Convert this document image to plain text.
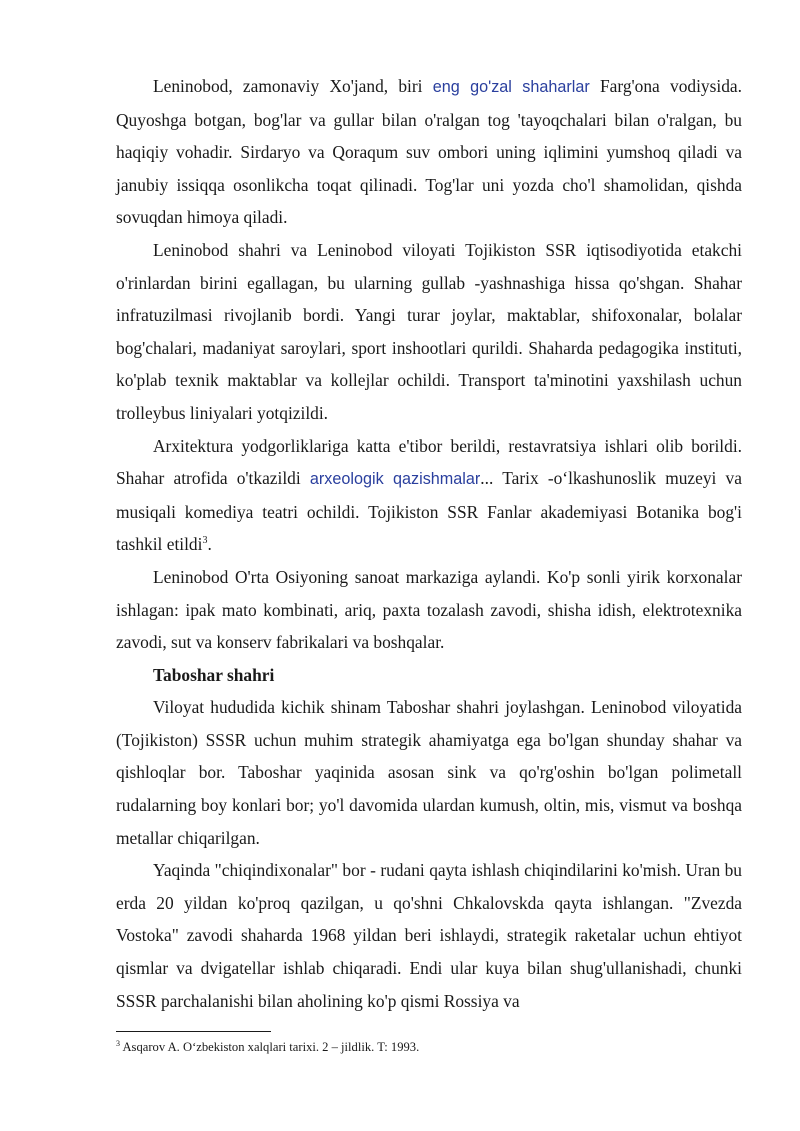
Leninobod, zamonaviy Xo'jand, biri eng go'zal shaharlar Farg'ona vodiysida. Quyoshga botgan, bog'lar va gullar bilan o'ralgan tog 'tayoqchalari bilan o'ralgan, bu haqiqiy vohadir. Sirdaryo va Qoraqum suv ombori uning iqlimini yumshoq qiladi va janubiy issiqqa osonlikcha toqat qilinadi. Tog'lar uni yozda cho'l shamolidan, qishda sovuqdan himoya qiladi.

Leninobod shahri va Leninobod viloyati Tojikiston SSR iqtisodiyotida etakchi o'rinlardan birini egallagan, bu ularning gullab -yashnashiga hissa qo'shgan. Shahar infratuzilmasi rivojlanib bordi. Yangi turar joylar, maktablar, shifoxonalar, bolalar bog'chalari, madaniyat saroylari, sport inshootlari qurildi. Shaharda pedagogika instituti, ko'plab texnik maktablar va kollejlar ochildi. Transport ta'minotini yaxshilash uchun trolleybus liniyalari yotqizildi.

Arxitektura yodgorliklariga katta e'tibor berildi, restavratsiya ishlari olib borildi. Shahar atrofida o'tkazildi arxeologik qazishmalar... Tarix -o‘lkashunoslik muzeyi va musiqali komediya teatri ochildi. Tojikiston SSR Fanlar akademiyasi Botanika bog'i tashkil etildi$^3$.

Leninobod O'rta Osiyoning sanoat markaziga aylandi. Ko'p sonli yirik korxonalar ishlagan: ipak mato kombinati, ariq, paxta tozalash zavodi, shisha idish, elektrotexnika zavodi, sut va konserv fabrikalari va boshqalar.

Taboshar shahri

Viloyat hududida kichik shinam Taboshar shahri joylashgan. Leninobod viloyatida (Tojikiston) SSSR uchun muhim strategik ahamiyatga ega bo'lgan shunday shahar va qishloqlar bor. Taboshar yaqinida asosan sink va qo'rg'oshin bo'lgan polimetall rudalarning boy konlari bor; yo'l davomida ulardan kumush, oltin, mis, vismut va boshqa metallar chiqarilgan.

Yaqinda "chiqindixonalar" bor - rudani qayta ishlash chiqindilarini ko'mish. Uran bu erda 20 yildan ko'proq qazilgan, u qo'shni Chkalovskda qayta ishlangan. "Zvezda Vostoka" zavodi shaharda 1968 yildan beri ishlaydi, strategik raketalar uchun ehtiyot qismlar va dvigatellar ishlab chiqaradi. Endi ular kuya bilan shug'ullanishadi, chunki SSSR parchalanishi bilan aholining ko'p qismi Rossiya va

$^3$ Asqarov A. O‘zbekiston xalqlari tarixi. 2 – jildlik. T: 1993.
